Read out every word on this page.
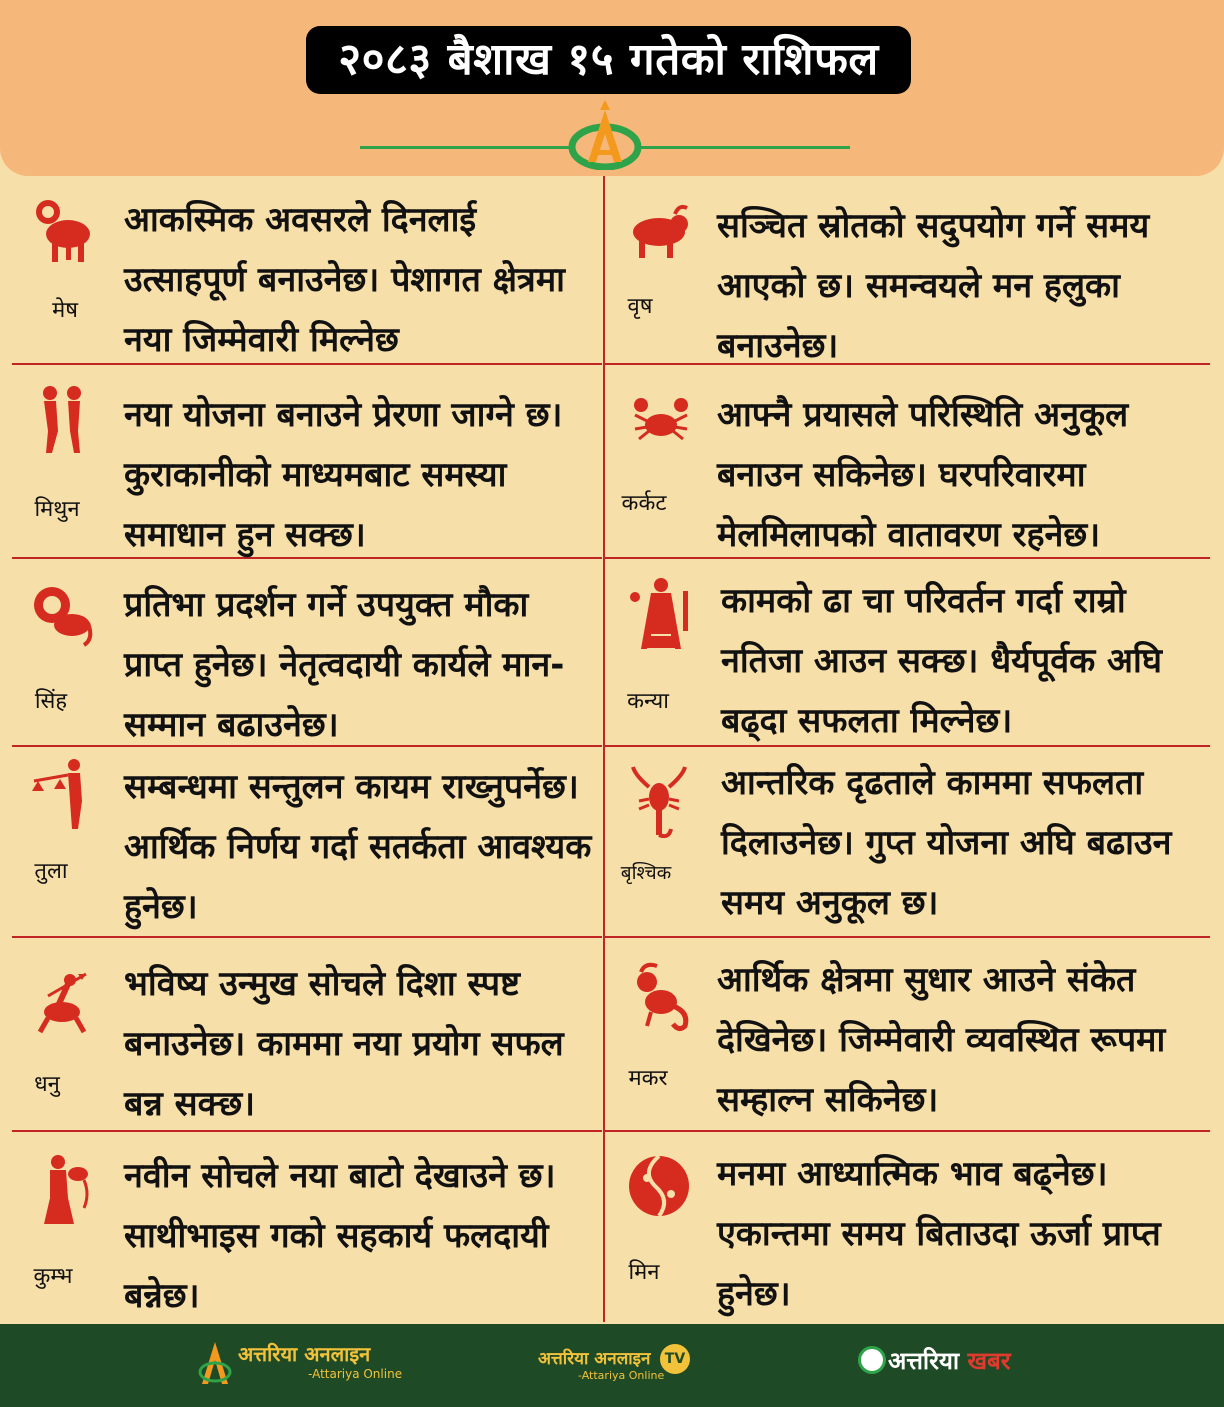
२०८३ बैशाख १५ गतेको राशिफल
मेष
आकस्मिक अवसरले दिनलाई उत्साहपूर्ण बनाउनेछ। पेशागत क्षेत्रमा नया जिम्मेवारी मिल्नेछ
वृष
सञ्चित स्रोतको सदुपयोग गर्ने समय आएको छ। समन्वयले मन हलुका बनाउनेछ।
मिथुन
नया योजना बनाउने प्रेरणा जाग्ने छ। कुराकानीको माध्यमबाट समस्या समाधान हुन सक्छ।
कर्कट
आफ्नै प्रयासले परिस्थिति अनुकूल बनाउन सकिनेछ। घरपरिवारमा मेलमिलापको वातावरण रहनेछ।
सिंह
प्रतिभा प्रदर्शन गर्ने उपयुक्त मौका प्राप्त हुनेछ। नेतृत्वदायी कार्यले मान-सम्मान बढाउनेछ।
कन्या
कामको ढा चा परिवर्तन गर्दा राम्रो नतिजा आउन सक्छ। धैर्यपूर्वक अघि बढ्दा सफलता मिल्नेछ।
तुला
सम्बन्धमा सन्तुलन कायम राख्नुपर्नेछ। आर्थिक निर्णय गर्दा सतर्कता आवश्यक हुनेछ।
बृश्चिक
आन्तरिक दृढताले काममा सफलता दिलाउनेछ। गुप्त योजना अघि बढाउन समय अनुकूल छ।
धनु
भविष्य उन्मुख सोचले दिशा स्पष्ट बनाउनेछ। काममा नया प्रयोग सफल बन्न सक्छ।
मकर
आर्थिक क्षेत्रमा सुधार आउने संकेत देखिनेछ। जिम्मेवारी व्यवस्थित रूपमा सम्हाल्न सकिनेछ।
कुम्भ
नवीन सोचले नया बाटो देखाउने छ। साथीभाइस गको सहकार्य फलदायी बन्नेछ।
मिन
मनमा आध्यात्मिक भाव बढ्नेछ। एकान्तमा समय बिताउदा ऊर्जा प्राप्त हुनेछ।
अत्तरिया अनलाइन
-Attariya Online
अत्तरिया अनलाइन
-Attariya Online
TV	अत्तरिया खबर
